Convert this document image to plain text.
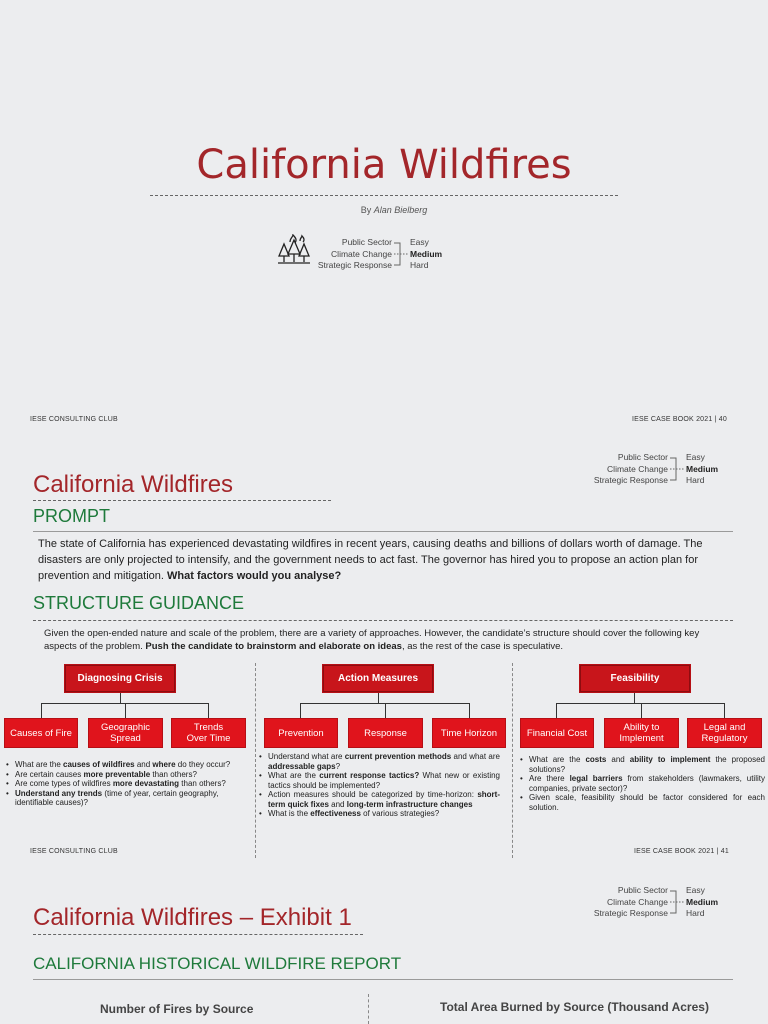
California Wildfires
By Alan Bielberg
Public Sector
Climate Change
Strategic Response
Easy
Medium
Hard
IESE CONSULTING CLUB	IESE CASE BOOK 2021 | 40
Public Sector
Climate Change
Strategic Response
Easy
Medium
Hard
California Wildfires
PROMPT
The state of California has experienced devastating wildfires in recent years, causing deaths and billions of dollars worth of damage. The disasters are only projected to intensify, and the government needs to act fast. The governor has hired you to propose an action plan for prevention and mitigation. What factors would you analyse?
STRUCTURE GUIDANCE
Given the open-ended nature and scale of the problem, there are a variety of approaches. However, the candidate’s structure should cover the following key aspects of the problem. Push the candidate to brainstorm and elaborate on ideas, as the rest of the case is speculative.
Diagnosing Crisis
Causes of Fire	Geographic Spread
Trends Over Time
• What are the causes of wildfires and where do they occur?
• Are certain causes more preventable than others?
• Are come types of wildfires more devastating than others?
• Understand any trends (time of year, certain geography, identifiable causes)?
Action Measures
Prevention	Response	Time Horizon
• Understand what are current prevention methods and what are addressable gaps?
• What are the current response tactics? What new or existing tactics should be implemented?
• Action measures should be categorized by time-horizon: short-term quick fixes and long-term infrastructure changes
• What is the effectiveness of various strategies?
Feasibility
Financial Cost	Ability to Implement
Legal and Regulatory
• What are the costs and ability to implement the proposed solutions?
• Are there legal barriers from stakeholders (lawmakers, utility companies, private sector)?
• Given scale, feasibility should be factor considered for each solution.
IESE CONSULTING CLUB	IESE CASE BOOK 2021 | 41
Public Sector
Climate Change
Strategic Response
Easy
Medium
Hard
California Wildfires – Exhibit 1
CALIFORNIA HISTORICAL WILDFIRE REPORT
Number of Fires by Source	Total Area Burned by Source (Thousand Acres)
